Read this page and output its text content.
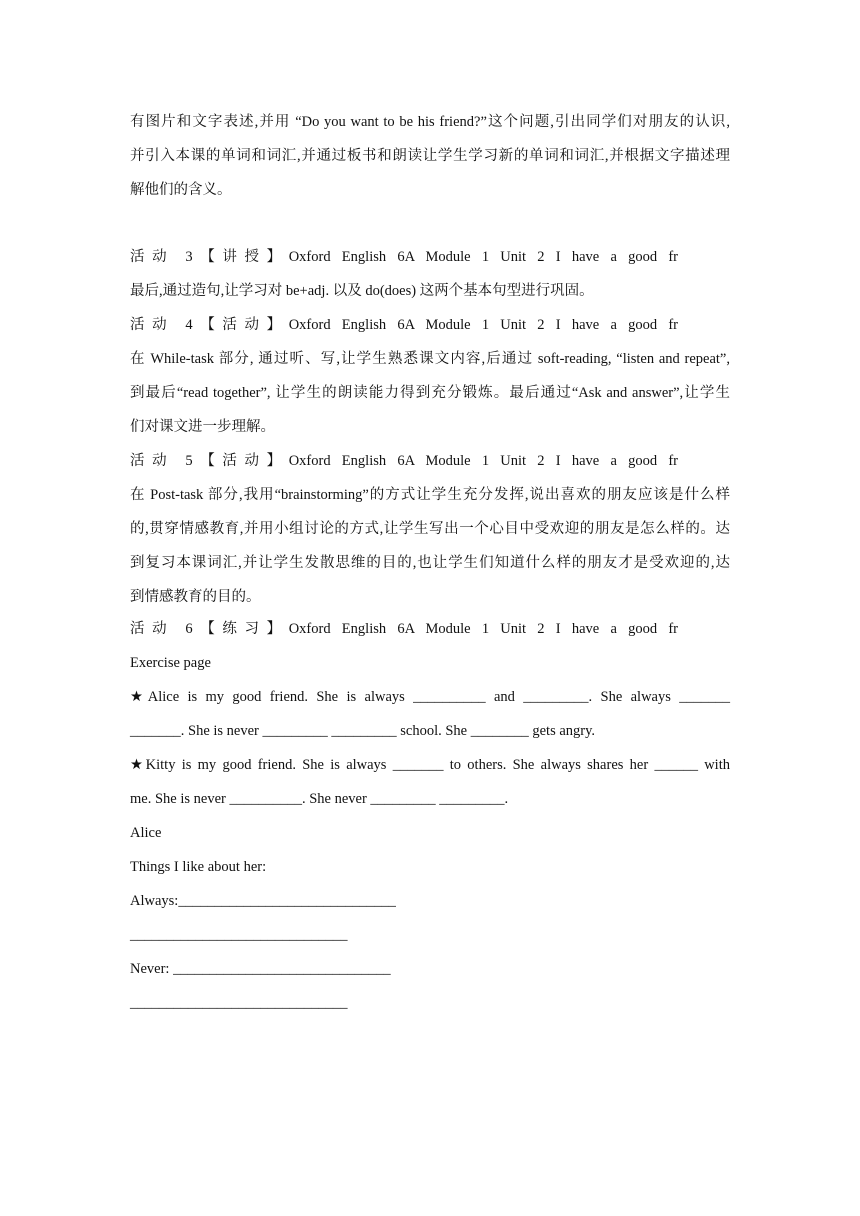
有图片和文字表述,并用 “Do you want to be his friend?”这个问题,引出同学们对朋友的认识,
并引入本课的单词和词汇,并通过板书和朗读让学生学习新的单词和词汇,并根据文字描述理
解他们的含义。
活动 3【讲授】Oxford English 6A Module 1 Unit 2 I have a good fr
最后,通过造句,让学习对 be+adj. 以及 do(does) 这两个基本句型进行巩固。
活动 4【活动】Oxford English 6A Module 1 Unit 2 I have a good fr
在 While-task 部分, 通过听、写,让学生熟悉课文内容,后通过 soft-reading, “listen and repeat”,
到最后“read together”, 让学生的朗读能力得到充分锻炼。最后通过“Ask and answer”,让学生
们对课文进一步理解。
活动 5【活动】Oxford English 6A Module 1 Unit 2 I have a good fr
在 Post-task 部分,我用“brainstorming”的方式让学生充分发挥,说出喜欢的朋友应该是什么样
的,贯穿情感教育,并用小组讨论的方式,让学生写出一个心目中受欢迎的朋友是怎么样的。达
到复习本课词汇,并让学生发散思维的目的,也让学生们知道什么样的朋友才是受欢迎的,达
到情感教育的目的。
活动 6【练习】Oxford English 6A Module 1 Unit 2 I have a good fr
Exercise page
★Alice is my good friend. She is always __________ and _________. She always _______
_______. She is never _________ _________ school. She ________ gets angry.
★Kitty is my good friend. She is always _______ to others. She always shares her ______ with
me. She is never __________. She never _________ _________.
Alice
Things I like about her:
Always:______________________________
______________________________
Never: ______________________________
______________________________
